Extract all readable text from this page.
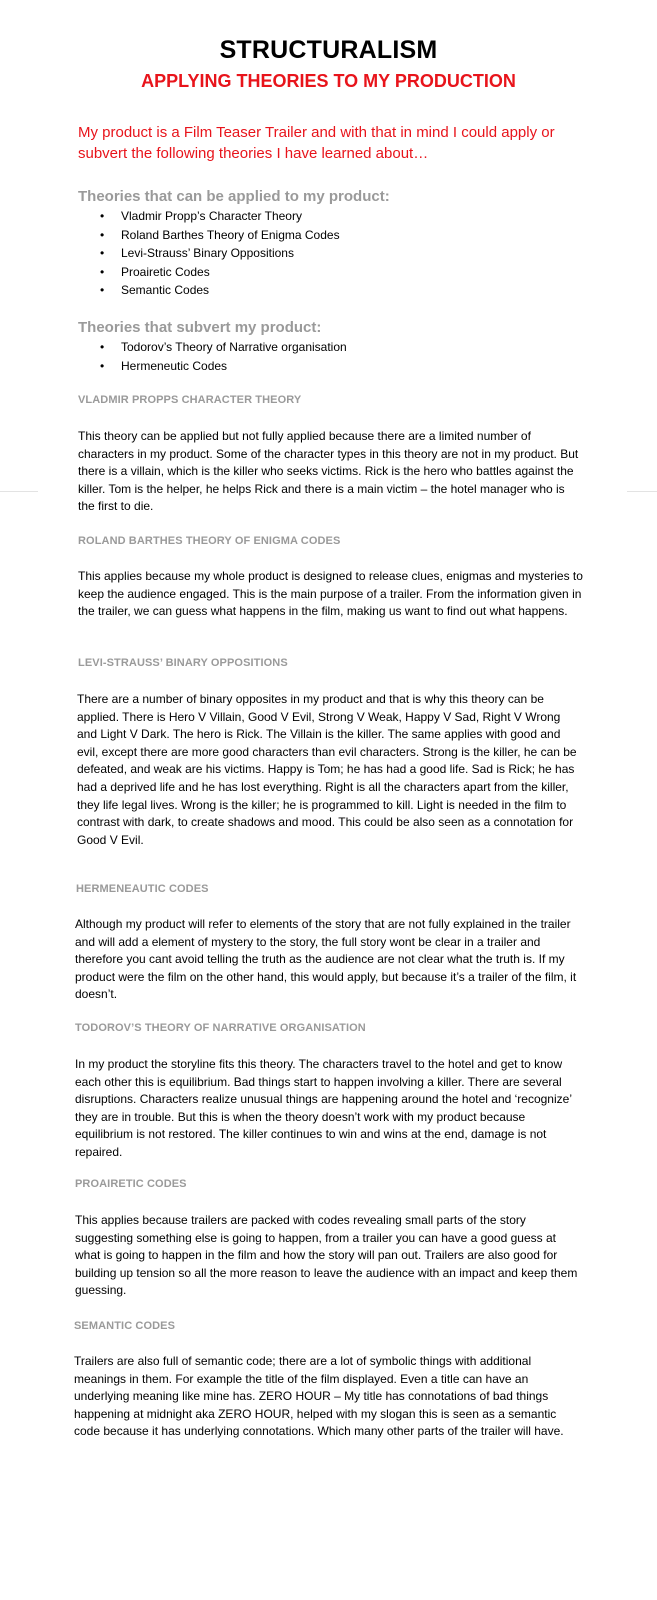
STRUCTURALISM
APPLYING THEORIES TO MY PRODUCTION

My product is a Film Teaser Trailer and with that in mind I could apply or subvert the following theories I have learned about…

Theories that can be applied to my product:
• Vladmir Propp’s Character Theory
• Roland Barthes Theory of Enigma Codes
• Levi-Strauss’ Binary Oppositions
• Proairetic Codes
• Semantic Codes
Theories that subvert my product:
• Todorov’s Theory of Narrative organisation
• Hermeneutic Codes
VLADMIR PROPPS CHARACTER THEORY

This theory can be applied but not fully applied because there are a limited number of characters in my product. Some of the character types in this theory are not in my product. But there is a villain, which is the killer who seeks victims. Rick is the hero who battles against the killer. Tom is the helper, he helps Rick and there is a main victim – the hotel manager who is the first to die.

ROLAND BARTHES THEORY OF ENIGMA CODES

This applies because my whole product is designed to release clues, enigmas and mysteries to keep the audience engaged. This is the main purpose of a trailer. From the information given in the trailer, we can guess what happens in the film, making us want to find out what happens.

LEVI-STRAUSS’ BINARY OPPOSITIONS

There are a number of binary opposites in my product and that is why this theory can be applied. There is Hero V Villain, Good V Evil, Strong V Weak, Happy V Sad, Right V Wrong and Light V Dark. The hero is Rick. The Villain is the killer. The same applies with good and evil, except there are more good characters than evil characters. Strong is the killer, he can be defeated, and weak are his victims. Happy is Tom; he has had a good life. Sad is Rick; he has had a deprived life and he has lost everything. Right is all the characters apart from the killer, they life legal lives. Wrong is the killer; he is programmed to kill. Light is needed in the film to contrast with dark, to create shadows and mood. This could be also seen as a connotation for Good V Evil.

HERMENEAUTIC CODES

Although my product will refer to elements of the story that are not fully explained in the trailer and will add a element of mystery to the story, the full story wont be clear in a trailer and therefore you cant avoid telling the truth as the audience are not clear what the truth is. If my product were the film on the other hand, this would apply, but because it’s a trailer of the film, it doesn’t.

TODOROV’S THEORY OF NARRATIVE ORGANISATION

In my product the storyline fits this theory. The characters travel to the hotel and get to know each other this is equilibrium. Bad things start to happen involving a killer. There are several disruptions. Characters realize unusual things are happening around the hotel and ‘recognize’ they are in trouble. But this is when the theory doesn’t work with my product because equilibrium is not restored. The killer continues to win and wins at the end, damage is not repaired.

PROAIRETIC CODES

This applies because trailers are packed with codes revealing small parts of the story suggesting something else is going to happen, from a trailer you can have a good guess at what is going to happen in the film and how the story will pan out. Trailers are also good for building up tension so all the more reason to leave the audience with an impact and keep them guessing.

SEMANTIC CODES

Trailers are also full of semantic code; there are a lot of symbolic things with additional meanings in them. For example the title of the film displayed. Even a title can have an underlying meaning like mine has. ZERO HOUR – My title has connotations of bad things happening at midnight aka ZERO HOUR, helped with my slogan this is seen as a semantic code because it has underlying connotations. Which many other parts of the trailer will have.
